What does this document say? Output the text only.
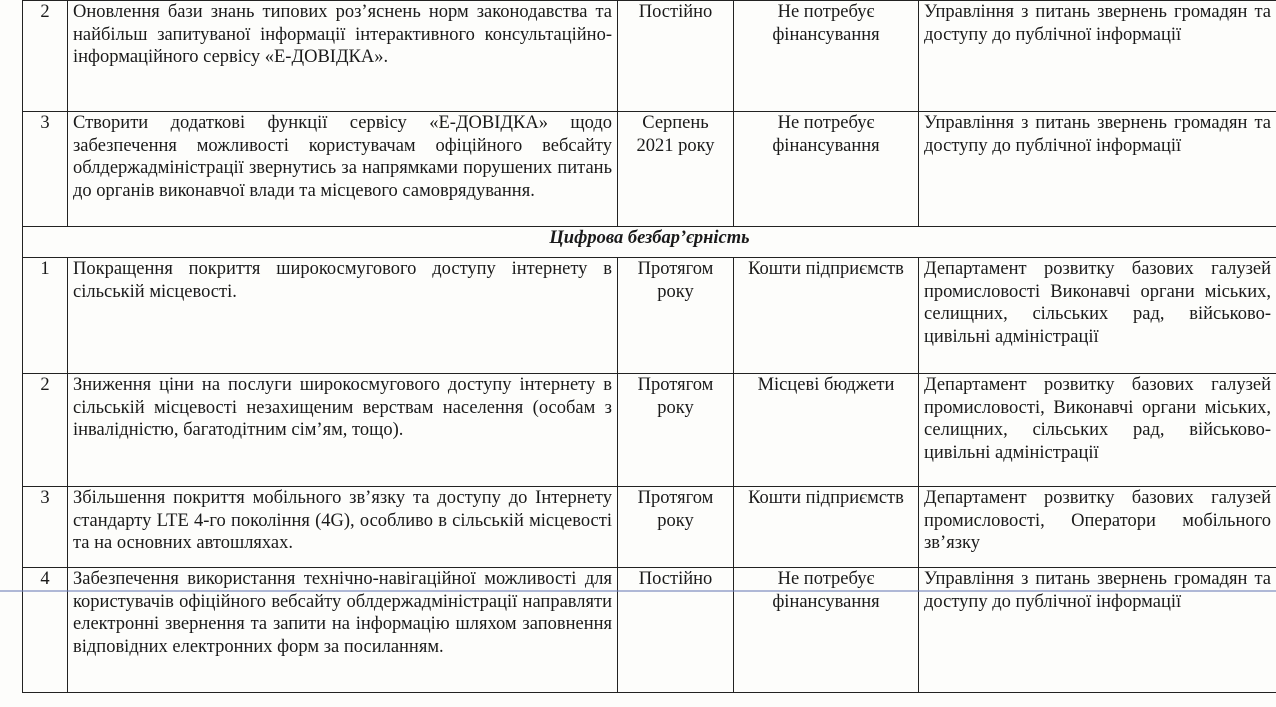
2	Оновлення бази знань типових роз’яснень норм законодавства та найбільш запитуваної інформації інтерактивного консультаційно-інформаційного сервісу «Е-ДОВІДКА».	Постійно	Не потребує фінансування	Управління з питань звернень громадян та доступу до публічної інформації
3	Створити додаткові функції сервісу «Е-ДОВІДКА» щодо забезпечення можливості користувачам офіційного вебсайту облдержадміністрації звернутись за напрямками порушених питань до органів виконавчої влади та місцевого самоврядування.	Серпень 2021 року	Не потребує фінансування	Управління з питань звернень громадян та доступу до публічної інформації
Цифрова безбар’єрність				
1	Покращення покриття широкосмугового доступу інтернету в сільській місцевості.	Протягом року	Кошти підприємств	Департамент розвитку базових галузей промисловості Виконавчі органи міських, селищних, сільських рад, військово-цивільні адміністрації
2	Зниження ціни на послуги широкосмугового доступу інтернету в сільській місцевості незахищеним верствам населення (особам з інвалідністю, багатодітним сім’ям, тощо).	Протягом року	Місцеві бюджети	Департамент розвитку базових галузей промисловості, Виконавчі органи міських, селищних, сільських рад, військово-цивільні адміністрації
3	Збільшення покриття мобільного зв’язку та доступу до Інтернету стандарту LTE 4-го покоління (4G), особливо в сільській місцевості та на основних автошляхах.	Протягом року	Кошти підприємств	Департамент розвитку базових галузей промисловості, Оператори мобільного зв’язку
4	Забезпечення використання технічно-навігаційної можливості для користувачів офіційного вебсайту облдержадміністрації направляти електронні звернення та запити на інформацію шляхом заповнення відповідних електронних форм за посиланням.	Постійно	Не потребує фінансування	Управління з питань звернень громадян та доступу до публічної інформації
